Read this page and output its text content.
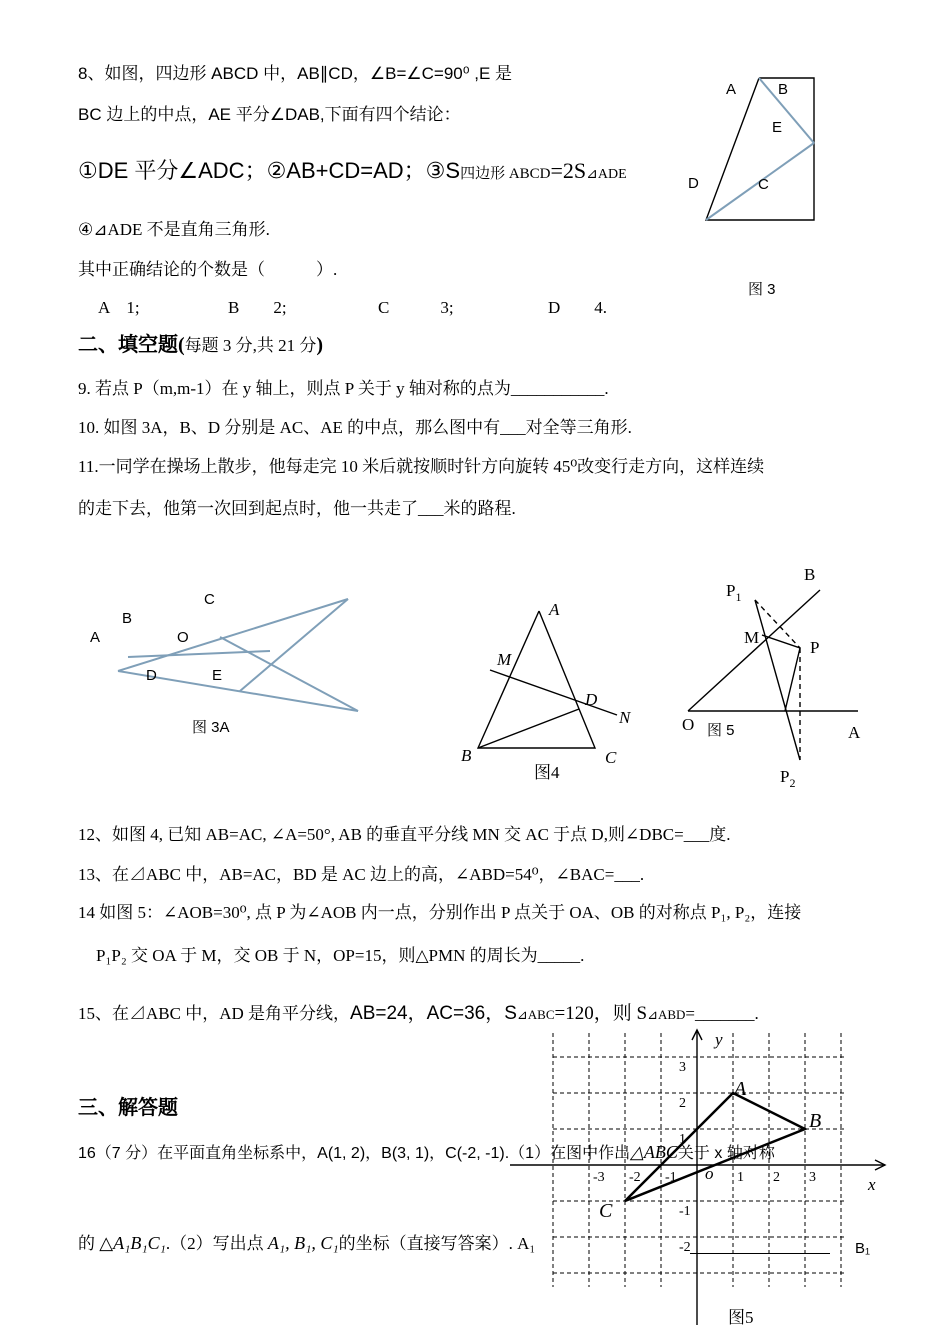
8、如图，四边形 ABCD 中，AB∥CD，∠B=∠C=90⁰ ,E 是
BC 边上的中点，AE 平分∠DAB,下面有四个结论：
①DE 平分∠ADC；②AB+CD=AD；③S四边形 ABCD=2S⊿ADE
④⊿ADE 不是直角三角形.
其中正确结论的个数是（　　　）.
A　1;	B　　2;	C　　　3;	D　　4.
A	B
E
C
D
图 3
二、填空题(每题 3 分,共 21 分)
9. 若点 P（m,m-1）在 y 轴上，则点 P 关于 y 轴对称的点为___________.
10. 如图 3A，B、D 分别是 AC、AE 的中点，那么图中有___对全等三角形.
11.一同学在操场上散步，他每走完 10 米后就按顺时针方向旋转 45⁰改变行走方向，这样连续
的走下去，他第一次回到起点时，他一共走了___米的路程.
A
B
C
O
D	E
图 3A
A
M
D
N
B	C
图4
$P_1$
B
M
P
O	A
$P_2$
图 5
12、如图 4, 已知 AB=AC, ∠A=50°, AB 的垂直平分线 MN 交 AC 于点 D,则∠DBC=___度.
13、在⊿ABC 中，AB=AC，BD 是 AC 边上的高，∠ABD=54⁰，∠BAC=___.
14 如图 5：∠AOB=30⁰, 点 P 为∠AOB 内一点，分别作出 P 点关于 OA、OB 的对称点 P₁, P₂，连接
P₁P₂ 交 OA 于 M，交 OB 于 N，OP=15，则△PMN 的周长为_____.
15、在⊿ABC 中，AD 是角平分线，AB=24，AC=36，S⊿ABC=120，则 S⊿ABD=_______.
三、解答题
16（7 分）在平面直角坐标系中，A(1, 2)，B(3, 1)，C(-2, -1).（1）在图中作出△ABC关于 x 轴对称
的 △A₁B₁C₁.（2）写出点 A₁, B₁, C₁的坐标（直接写答案）. A₁	B₁
-3 -2 -1	1 2 3
3
2
1
-1
-2
x
y
o
A
B
C
图5
